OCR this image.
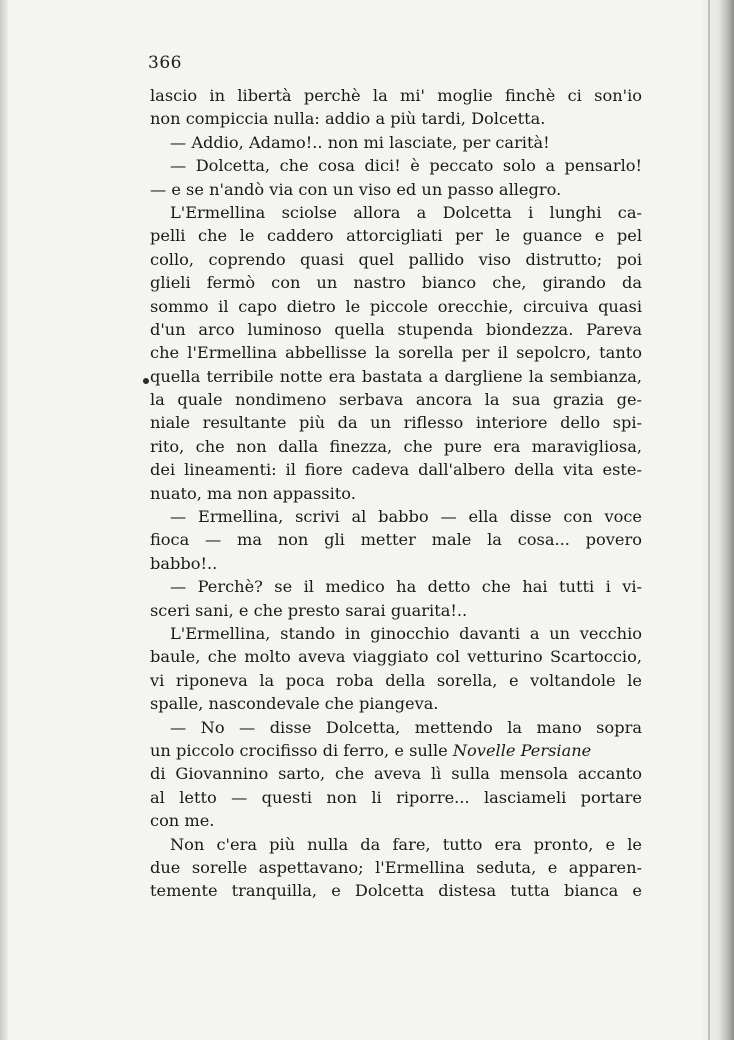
366
lascio in libertà perchè la mi' moglie finchè ci son'io
non compiccia nulla: addio a più tardi, Dolcetta.
— Addio, Adamo!.. non mi lasciate, per carità!
— Dolcetta, che cosa dici! è peccato solo a pensarlo!
— e se n'andò via con un viso ed un passo allegro.
L'Ermellina sciolse allora a Dolcetta i lunghi ca-
pelli che le caddero attorcigliati per le guance e pel
collo, coprendo quasi quel pallido viso distrutto; poi
glieli fermò con un nastro bianco che, girando da
sommo il capo dietro le piccole orecchie, circuiva quasi
d'un arco luminoso quella stupenda biondezza. Pareva
che l'Ermellina abbellisse la sorella per il sepolcro, tanto
quella terribile notte era bastata a dargliene la sembianza,
la quale nondimeno serbava ancora la sua grazia ge-
niale resultante più da un riflesso interiore dello spi-
rito, che non dalla finezza, che pure era maravigliosa,
dei lineamenti: il fiore cadeva dall'albero della vita este-
nuato, ma non appassito.
— Ermellina, scrivi al babbo — ella disse con voce
fioca — ma non gli metter male la cosa... povero
babbo!..
— Perchè? se il medico ha detto che hai tutti i vi-
sceri sani, e che presto sarai guarita!..
L'Ermellina, stando in ginocchio davanti a un vecchio
baule, che molto aveva viaggiato col vetturino Scartoccio,
vi riponeva la poca roba della sorella, e voltandole le
spalle, nascondevale che piangeva.
— No — disse Dolcetta, mettendo la mano sopra
un piccolo crocifisso di ferro, e sulle Novelle Persiane
di Giovannino sarto, che aveva lì sulla mensola accanto
al letto — questi non li riporre... lasciameli portare
con me.
Non c'era più nulla da fare, tutto era pronto, e le
due sorelle aspettavano; l'Ermellina seduta, e apparen-
temente tranquilla, e Dolcetta distesa tutta bianca e
